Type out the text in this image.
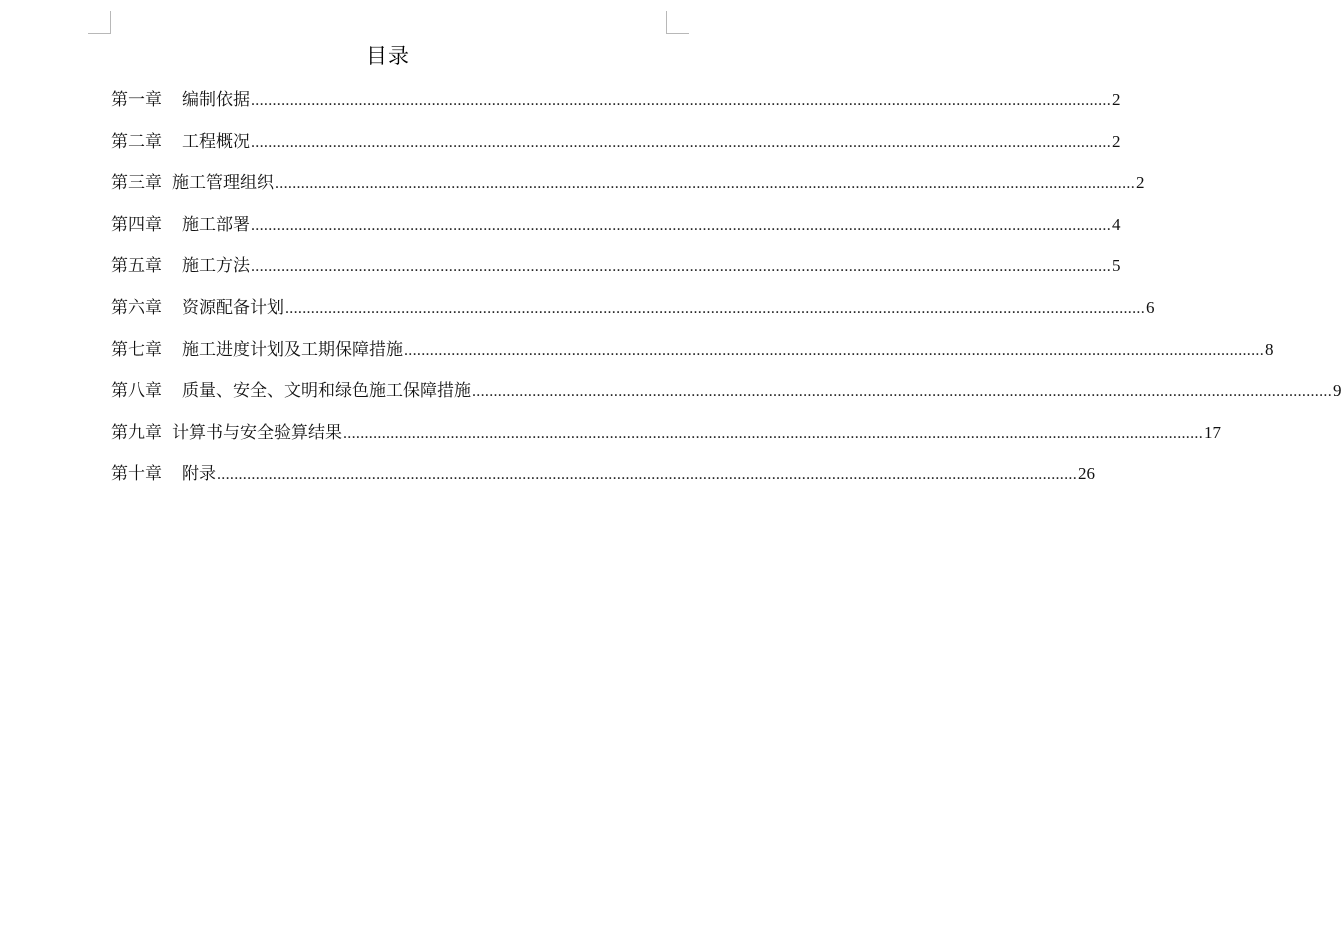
目录
第一章 编制依据 ........................................................................................................................................................................................................ 2
第二章 工程概况 ........................................................................................................................................................................................................ 2
第三章 施工管理组织 ........................................................................................................................................................................................................ 2
第四章 施工部署 ........................................................................................................................................................................................................ 4
第五章 施工方法 ........................................................................................................................................................................................................ 5
第六章 资源配备计划 ........................................................................................................................................................................................................ 6
第七章 施工进度计划及工期保障措施 ........................................................................................................................................................................................................ 8
第八章 质量、安全、文明和绿色施工保障措施 ........................................................................................................................................................................................................ 9
第九章 计算书与安全验算结果 ........................................................................................................................................................................................................ 17
第十章 附录 ........................................................................................................................................................................................................ 26
